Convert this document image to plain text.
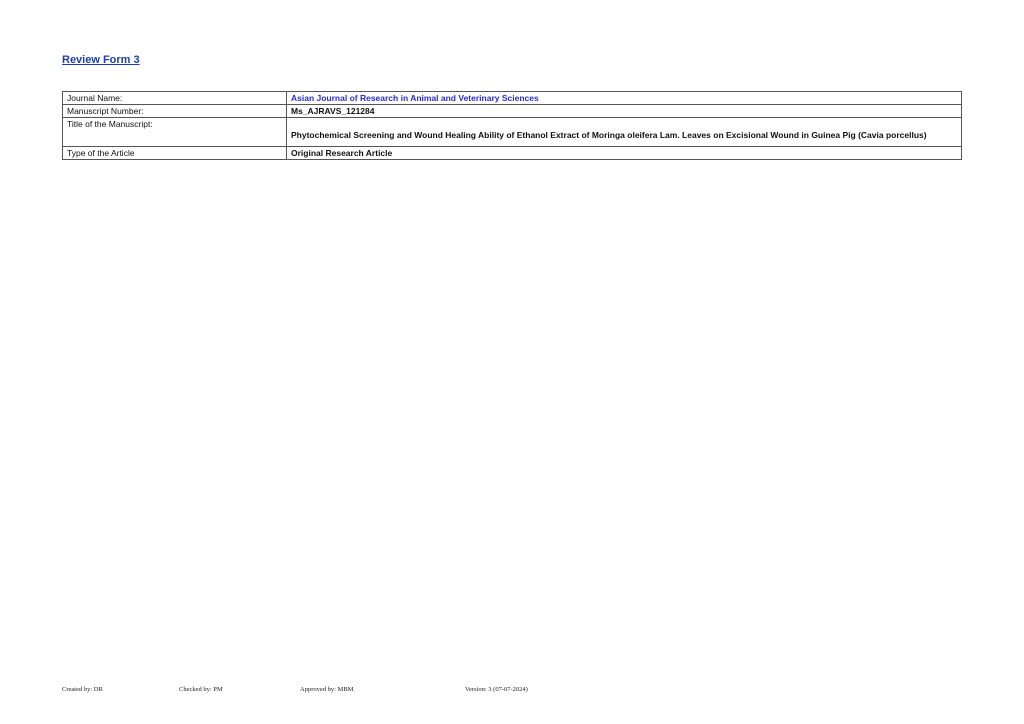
Review Form 3
Journal Name:	Asian Journal of Research in Animal and Veterinary Sciences
Manuscript Number:	Ms_AJRAVS_121284
Title of the Manuscript:	Phytochemical Screening and Wound Healing Ability of Ethanol Extract of Moringa oleifera Lam. Leaves on Excisional Wound in Guinea Pig (Cavia porcellus)
Type of the Article	Original Research Article
Created by: DR	Checked by: PM	Approved by: MBM	Version: 3 (07-07-2024)
